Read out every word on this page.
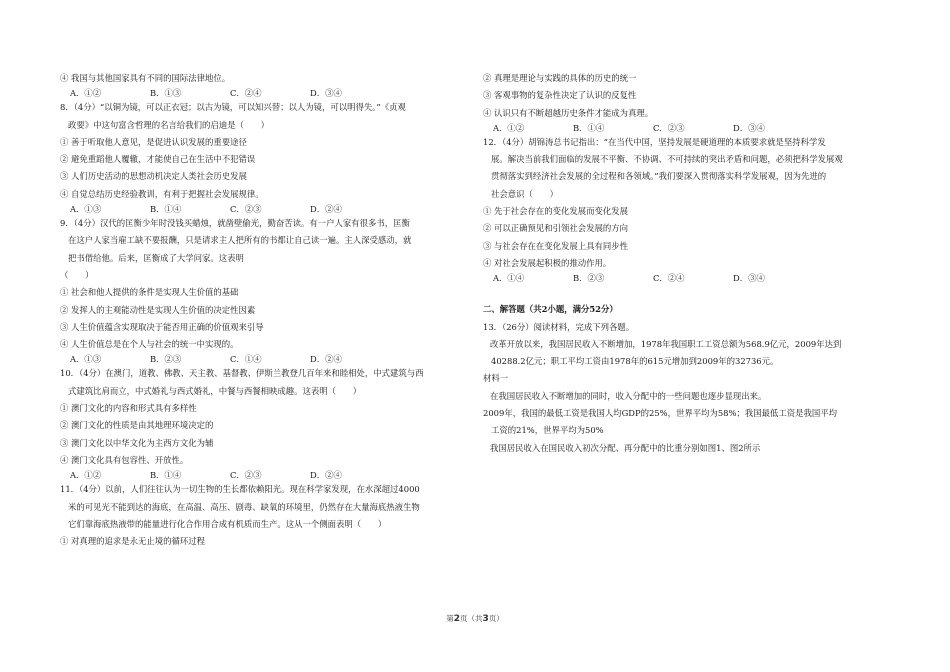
④ 我国与其他国家具有不同的国际法律地位。
A．①②	B．①③	C．②④	D．③④
8．（4分）“以铜为镜，可以正衣冠；以古为镜，可以知兴替；以人为镜，可以明得失。”《贞观
政要》中这句富含哲理的名言给我们的启迪是（　　）
① 善于听取他人意见，是促进认识发展的重要途径
② 避免重蹈他人覆辙，才能使自己在生活中不犯错误
③ 人们历史活动的思想动机决定人类社会历史发展
④ 自觉总结历史经验教训，有利于把握社会发展规律。
A．①③	B．①④	C．②③	D．②④
9．（4分）汉代的匡衡少年时没钱买蜡烛，就凿壁偷光，勤奋苦读。有一户人家有很多书，匡衡
在这户人家当雇工缺不要报酬，只是请求主人把所有的书都让自己读一遍。主人深受感动，就
把书借给他。后来，匡衡成了大学问家。这表明
（　　）
① 社会和他人提供的条件是实现人生价值的基础
② 发挥人的主观能动性是实现人生价值的决定性因素
③ 人生价值蕴含实现取决于能否用正确的价值观来引导
④ 人生价值总是在个人与社会的统一中实现的。
A．①③	B．②③	C．①④	D．②④
10．（4分）在澳门，道教、佛教、天主教、基督教、伊斯兰教登几百年来和睦相处，中式建筑与西
式建筑比肩而立，中式婚礼与西式婚礼，中餐与西餐相映成趣。这表明（　　）
① 澳门文化的内容和形式具有多样性
② 澳门文化的性质是由其地理环境决定的
③ 澳门文化以中华文化为主西方文化为辅
④ 澳门文化具有包容性、开放性。
A．①②	B．①④	C．②③	D．②④
11．（4分）以前，人们往往认为一切生物的生长都依赖阳光。现在科学家发现，在水深超过4000
米的可见光不能到达的海底，在高温、高压、剧毒、缺氧的环境里，仍然存在大量海底热液生物
它们靠海底热液带的能量进行化合作用合成有机质而生产。这从一个侧面表明（　　）
① 对真理的追求是永无止境的循环过程
② 真理是理论与实践的具体的历史的统一
③ 客观事物的复杂性决定了认识的反复性
④ 认识只有不断超越历史条件才能成为真理。
A．①②	B．①④	C．②③	D．③④
12．（4分）胡锦涛总书记指出：“在当代中国，坚持发展是硬道理的本质要求就是坚持科学发
展。解决当前我们面临的发展不平衡、不协调、不可持续的突出矛盾和问题，必须把科学发展观
贯彻落实到经济社会发展的全过程和各领域。”我们要深入贯彻落实科学发展观，因为先进的
社会意识（　　）
① 先于社会存在的变化发展而变化发展
② 可以正确预见和引领社会发展的方向
③ 与社会存在在变化发展上具有同步性
④ 对社会发展起积极的推动作用。
A．①④	B．②③	C．②④	D．③④
二、解答题（共2小题，满分52分）
13．（26分）阅读材料，完成下列各题。
改革开放以来，我国居民收入不断增加，1978年我国职工工资总额为568.9亿元，2009年达到
40288.2亿元；职工平均工资由1978年的615元增加到2009年的32736元。
材料一
在我国居民收入不断增加的同时，收入分配中的一些问题也逐步显现出来。
2009年，我国的最低工资是我国人均GDP的25%，世界平均为58%；我国最低工资是我国平均
工资的21%，世界平均为50%
我国居民收入在国民收入初次分配、再分配中的比重分别如图1、图2所示
第2页（共3页）
